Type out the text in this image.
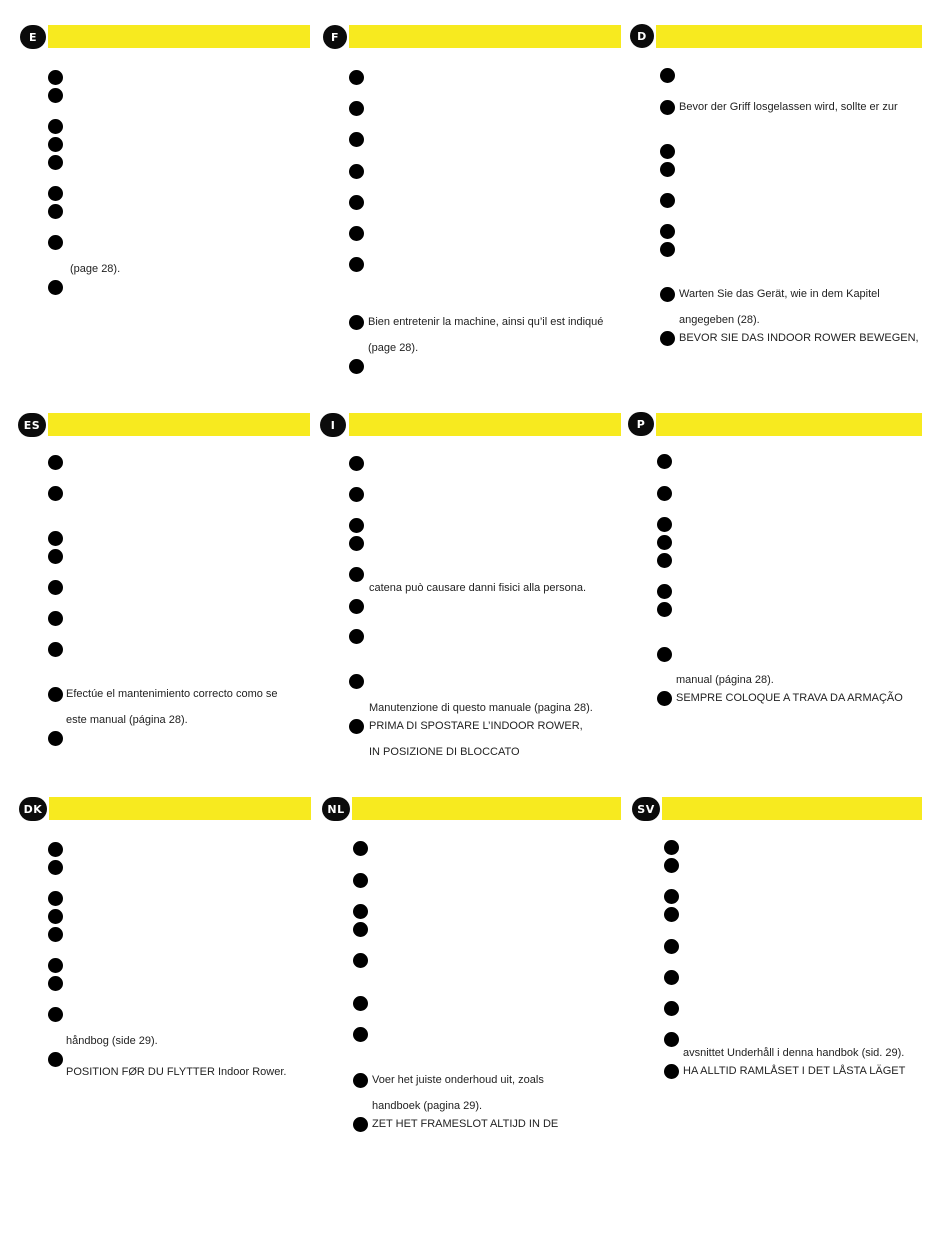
E	F	D
(page 28).
Bien entretenir la machine, ainsi qu’il est indiqué
(page 28).
Bevor der Griff losgelassen wird, sollte er zur
Warten Sie das Gerät, wie in dem Kapitel
angegeben (28).
BEVOR SIE DAS INDOOR ROWER BEWEGEN,
ES	I	P
Efectúe el mantenimiento correcto como se
este manual (página 28).
catena può causare danni fisici alla persona.
Manutenzione di questo manuale (pagina 28).
PRIMA DI SPOSTARE L’INDOOR ROWER,
IN POSIZIONE DI BLOCCATO
manual (página 28).
SEMPRE COLOQUE A TRAVA DA ARMAÇÃO
DK	NL	SV
håndbog (side 29).
POSITION FØR DU FLYTTER Indoor Rower.
Voer het juiste onderhoud uit, zoals
handboek (pagina 29).
ZET HET FRAMESLOT ALTIJD IN DE
avsnittet Underhåll i denna handbok (sid. 29).
HA ALLTID RAMLÅSET I DET LÅSTA LÄGET
